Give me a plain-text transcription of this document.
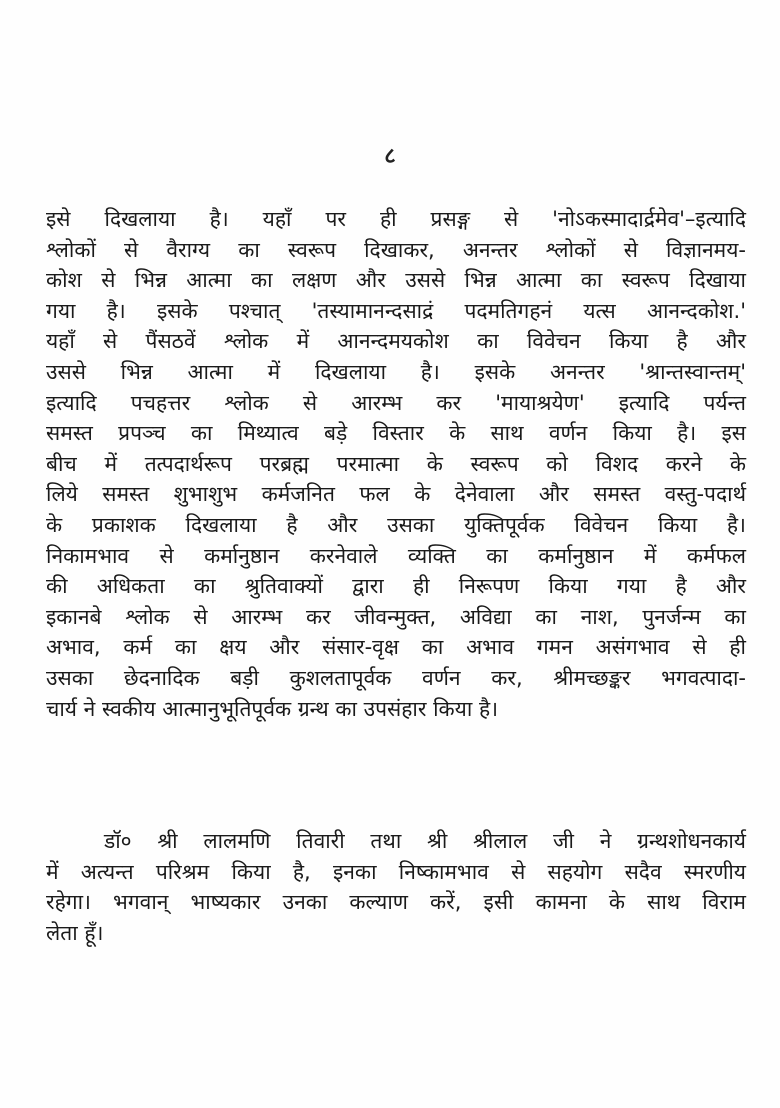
८
इसे दिखलाया है। यहाँ पर ही प्रसङ्ग से 'नोऽकस्मादार्द्रमेव'–इत्यादि
श्लोकों से वैराग्य का स्वरूप दिखाकर, अनन्तर श्लोकों से विज्ञानमय-
कोश से भिन्न आत्मा का लक्षण और उससे भिन्न आत्मा का स्वरूप दिखाया
गया है। इसके पश्चात् 'तस्यामानन्दसाद्रं पदमतिगहनं यत्स आनन्दकोश.'
यहाँ से पैंसठवें श्लोक में आनन्दमयकोश का विवेचन किया है और
उससे भिन्न आत्मा में दिखलाया है। इसके अनन्तर 'श्रान्तस्वान्तम्'
इत्यादि पचहत्तर श्लोक से आरम्भ कर 'मायाश्रयेण' इत्यादि पर्यन्त
समस्त प्रपञ्च का मिथ्यात्व बड़े विस्तार के साथ वर्णन किया है। इस
बीच में तत्पदार्थरूप परब्रह्म परमात्मा के स्वरूप को विशद करने के
लिये समस्त शुभाशुभ कर्मजनित फल के देनेवाला और समस्त वस्तु-पदार्थ
के प्रकाशक दिखलाया है और उसका युक्तिपूर्वक विवेचन किया है।
निकामभाव से कर्मानुष्ठान करनेवाले व्यक्ति का कर्मानुष्ठान में कर्मफल
की अधिकता का श्रुतिवाक्यों द्वारा ही निरूपण किया गया है और
इकानबे श्लोक से आरम्भ कर जीवन्मुक्त, अविद्या का नाश, पुनर्जन्म का
अभाव, कर्म का क्षय और संसार-वृक्ष का अभाव गमन असंगभाव से ही
उसका छेदनादिक बड़ी कुशलतापूर्वक वर्णन कर, श्रीमच्छङ्कर भगवत्पादा-
चार्य ने स्वकीय आत्मानुभूतिपूर्वक ग्रन्थ का उपसंहार किया है।
डॉ० श्री लालमणि तिवारी तथा श्री श्रीलाल जी ने ग्रन्थशोधनकार्य
में अत्यन्त परिश्रम किया है, इनका निष्कामभाव से सहयोग सदैव स्मरणीय
रहेगा। भगवान् भाष्यकार उनका कल्याण करें, इसी कामना के साथ विराम
लेता हूँ।
